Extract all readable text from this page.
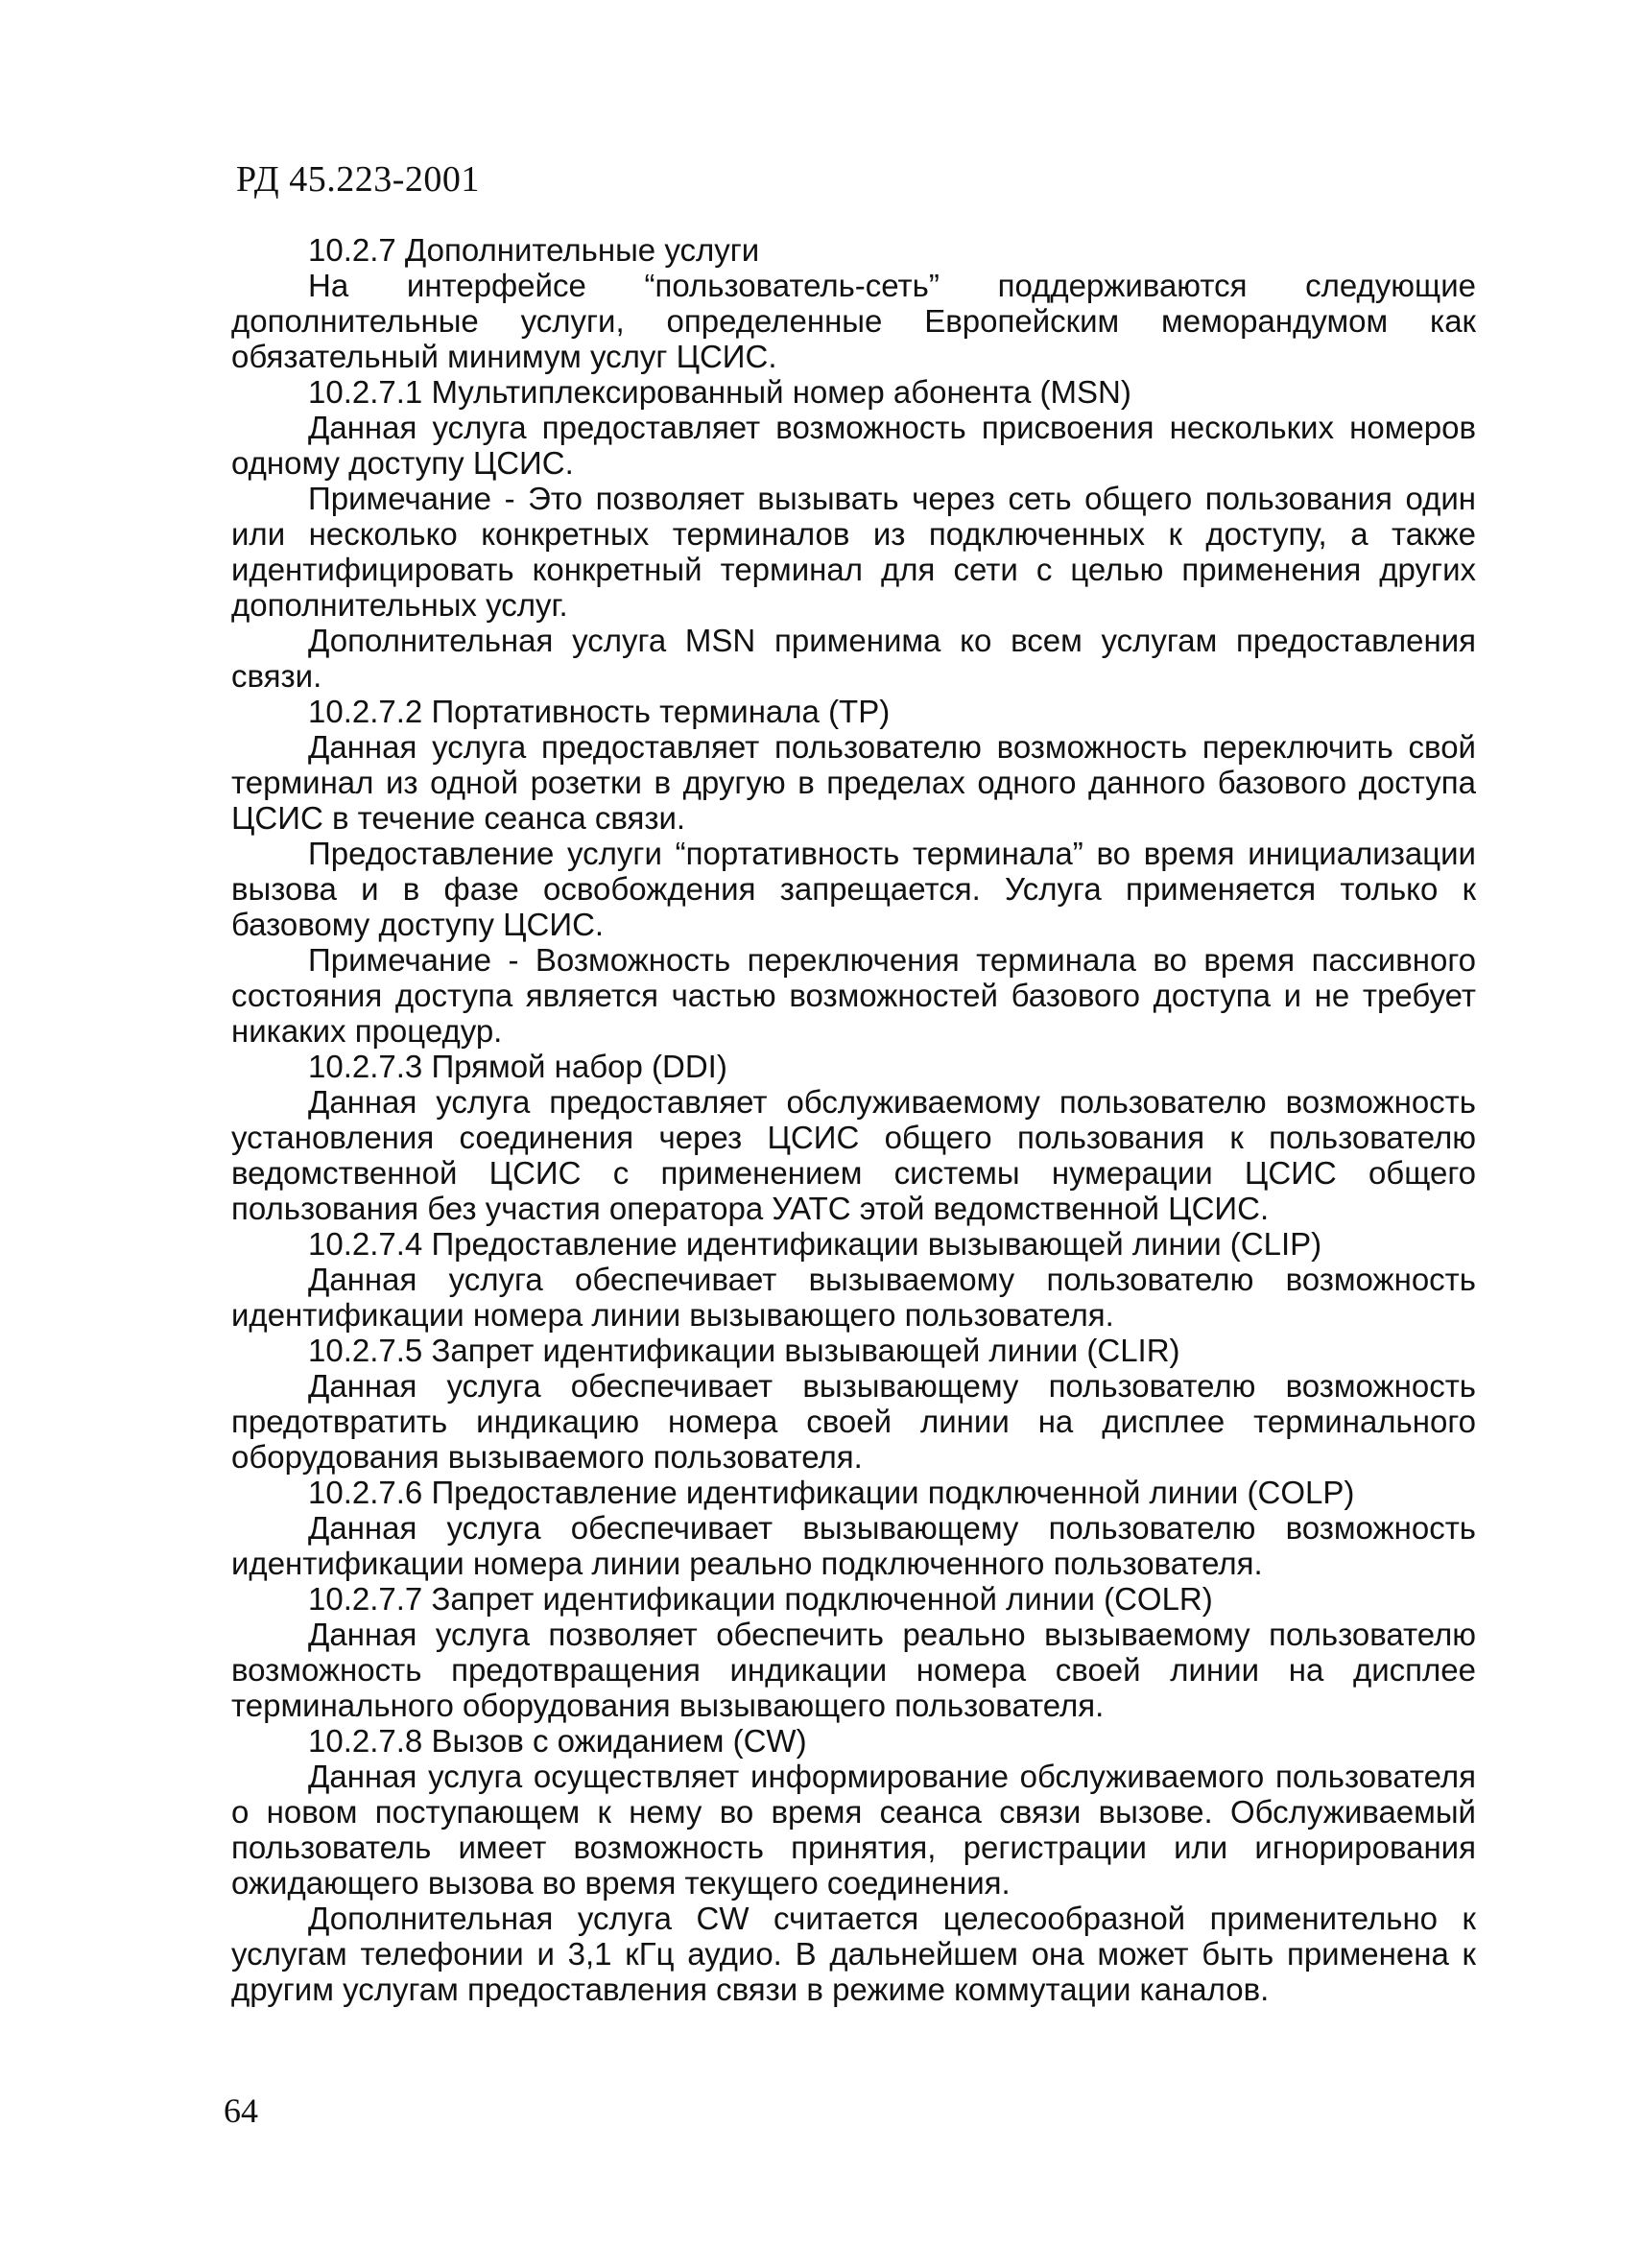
РД 45.223-2001

10.2.7 Дополнительные услуги

На интерфейсе “пользователь-сеть” поддерживаются следующие дополнительные услуги, определенные Европейским меморандумом как обязательный минимум услуг ЦСИС.

10.2.7.1 Мультиплексированный номер абонента (MSN)

Данная услуга предоставляет возможность присвоения нескольких номеров одному доступу ЦСИС.

Примечание - Это позволяет вызывать через сеть общего пользования один или несколько конкретных терминалов из подключенных к доступу, а также идентифицировать конкретный терминал для сети с целью применения других дополнительных услуг.

Дополнительная услуга MSN применима ко всем услугам предоставления связи.

10.2.7.2 Портативность терминала (TP)

Данная услуга предоставляет пользователю возможность переключить свой терминал из одной розетки в другую в пределах одного данного базового доступа ЦСИС в течение сеанса связи.

Предоставление услуги “портативность терминала” во время инициализации вызова и в фазе освобождения запрещается. Услуга применяется только к базовому доступу ЦСИС.

Примечание - Возможность переключения терминала во время пассивного состояния доступа является частью возможностей базового доступа и не требует никаких процедур.

10.2.7.3 Прямой набор (DDI)

Данная услуга предоставляет обслуживаемому пользователю возможность установления соединения через ЦСИС общего пользования к пользователю ведомственной ЦСИС с применением системы нумерации ЦСИС общего пользования без участия оператора УАТС этой ведомственной ЦСИС.

10.2.7.4 Предоставление идентификации вызывающей линии (CLIP)

Данная услуга обеспечивает вызываемому пользователю возможность идентификации номера линии вызывающего пользователя.

10.2.7.5 Запрет идентификации вызывающей линии (CLIR)

Данная услуга обеспечивает вызывающему пользователю возможность предотвратить индикацию номера своей линии на дисплее терминального оборудования вызываемого пользователя.

10.2.7.6 Предоставление идентификации подключенной линии (COLP)

Данная услуга обеспечивает вызывающему пользователю возможность идентификации номера линии реально подключенного пользователя.

10.2.7.7 Запрет идентификации подключенной линии (COLR)

Данная услуга позволяет обеспечить реально вызываемому пользователю возможность предотвращения индикации номера своей линии на дисплее терминального оборудования вызывающего пользователя.

10.2.7.8 Вызов с ожиданием (CW)

Данная услуга осуществляет информирование обслуживаемого пользователя о новом поступающем к нему во время сеанса связи вызове. Обслуживаемый пользователь имеет возможность принятия, регистрации или игнорирования ожидающего вызова во время текущего соединения.

Дополнительная услуга CW считается целесообразной применительно к услугам телефонии и 3,1 кГц аудио. В дальнейшем она может быть применена к другим услугам предоставления связи в режиме коммутации каналов.

64
